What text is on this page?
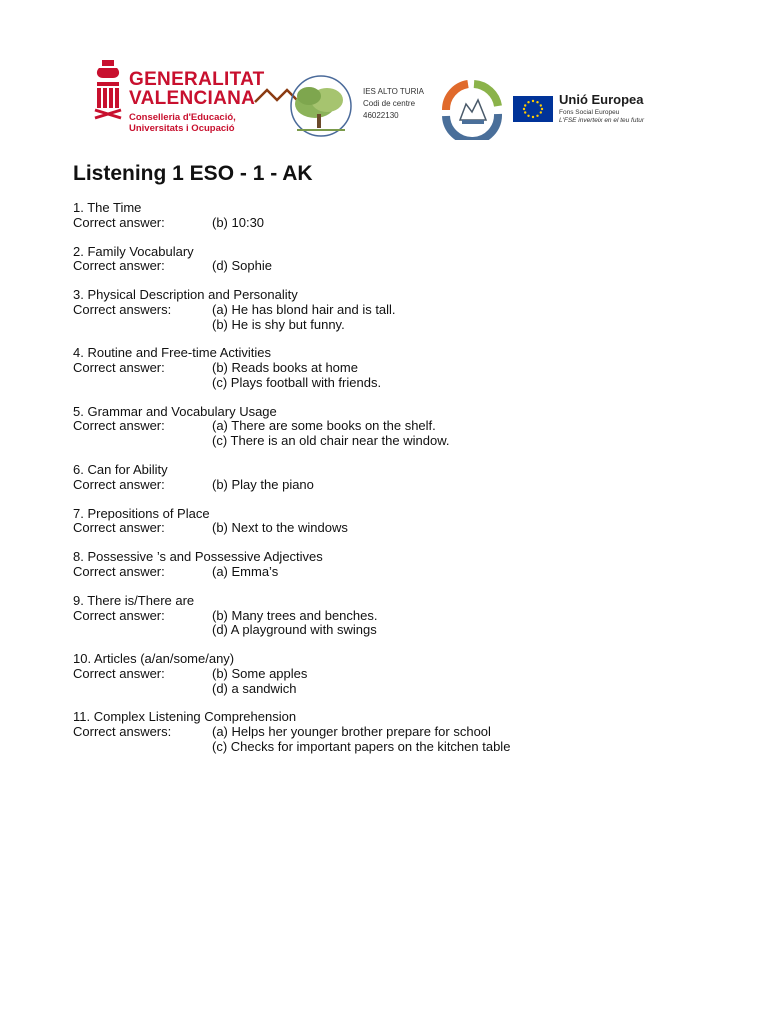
GENERALITAT
VALENCIANA
Conselleria d'Educació,
Universitats i Ocupació
IES ALTO TURIA
Codi de centre
46022130
Unió Europea
Fons Social Europeu
L'FSE inverteix en el teu futur
Listening 1 ESO - 1 - AK
1. The Time
Correct answer:	(b) 10:30
2. Family Vocabulary
Correct answer:	(d) Sophie
3. Physical Description and Personality
Correct answers:	(a) He has blond hair and is tall.
(b) He is shy but funny.
4. Routine and Free-time Activities
Correct answer:	(b) Reads books at home
(c) Plays football with friends.
5. Grammar and Vocabulary Usage
Correct answer:	(a) There are some books on the shelf.
(c) There is an old chair near the window.
6. Can for Ability
Correct answer:	(b) Play the piano
7. Prepositions of Place
Correct answer:	(b) Next to the windows
8. Possessive ’s and Possessive Adjectives
Correct answer:	(a) Emma’s
9. There is/There are
Correct answer:	(b) Many trees and benches.
(d) A playground with swings
10. Articles (a/an/some/any)
Correct answer:	(b) Some apples
(d) a sandwich
11. Complex Listening Comprehension
Correct answers:	(a) Helps her younger brother prepare for school
(c) Checks for important papers on the kitchen table
